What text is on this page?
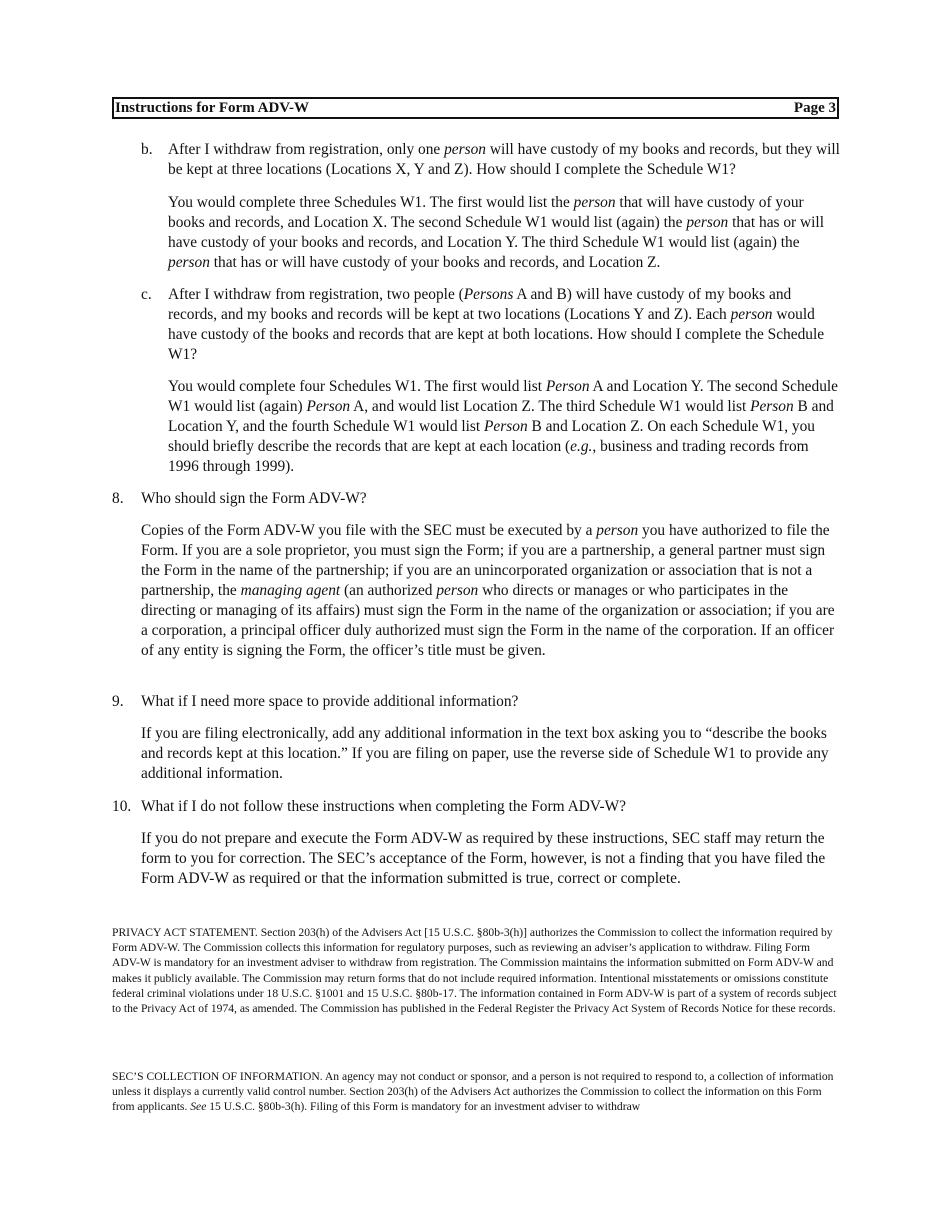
Instructions for Form ADV-W	Page 3
b. After I withdraw from registration, only one person will have custody of my books and records, but they will be kept at three locations (Locations X, Y and Z). How should I complete the Schedule W1?

You would complete three Schedules W1. The first would list the person that will have custody of your books and records, and Location X. The second Schedule W1 would list (again) the person that has or will have custody of your books and records, and Location Y. The third Schedule W1 would list (again) the person that has or will have custody of your books and records, and Location Z.

c. After I withdraw from registration, two people (Persons A and B) will have custody of my books and records, and my books and records will be kept at two locations (Locations Y and Z). Each person would have custody of the books and records that are kept at both locations. How should I complete the Schedule W1?

You would complete four Schedules W1. The first would list Person A and Location Y. The second Schedule W1 would list (again) Person A, and would list Location Z. The third Schedule W1 would list Person B and Location Y, and the fourth Schedule W1 would list Person B and Location Z. On each Schedule W1, you should briefly describe the records that are kept at each location (e.g., business and trading records from 1996 through 1999).

8. Who should sign the Form ADV-W?

Copies of the Form ADV-W you file with the SEC must be executed by a person you have authorized to file the Form. If you are a sole proprietor, you must sign the Form; if you are a partnership, a general partner must sign the Form in the name of the partnership; if you are an unincorporated organization or association that is not a partnership, the managing agent (an authorized person who directs or manages or who participates in the directing or managing of its affairs) must sign the Form in the name of the organization or association; if you are a corporation, a principal officer duly authorized must sign the Form in the name of the corporation. If an officer of any entity is signing the Form, the officer’s title must be given.

9. What if I need more space to provide additional information?

If you are filing electronically, add any additional information in the text box asking you to “describe the books and records kept at this location.” If you are filing on paper, use the reverse side of Schedule W1 to provide any additional information.

10. What if I do not follow these instructions when completing the Form ADV-W?

If you do not prepare and execute the Form ADV-W as required by these instructions, SEC staff may return the form to you for correction. The SEC’s acceptance of the Form, however, is not a finding that you have filed the Form ADV-W as required or that the information submitted is true, correct or complete.

PRIVACY ACT STATEMENT. Section 203(h) of the Advisers Act [15 U.S.C. §80b-3(h)] authorizes the Commission to collect the information required by Form ADV-W. The Commission collects this information for regulatory purposes, such as reviewing an adviser’s application to withdraw. Filing Form ADV-W is mandatory for an investment adviser to withdraw from registration. The Commission maintains the information submitted on Form ADV-W and makes it publicly available. The Commission may return forms that do not include required information. Intentional misstatements or omissions constitute federal criminal violations under 18 U.S.C. §1001 and 15 U.S.C. §80b-17. The information contained in Form ADV-W is part of a system of records subject to the Privacy Act of 1974, as amended. The Commission has published in the Federal Register the Privacy Act System of Records Notice for these records.

SEC’S COLLECTION OF INFORMATION. An agency may not conduct or sponsor, and a person is not required to respond to, a collection of information unless it displays a currently valid control number. Section 203(h) of the Advisers Act authorizes the Commission to collect the information on this Form from applicants. See 15 U.S.C. §80b-3(h). Filing of this Form is mandatory for an investment adviser to withdraw
